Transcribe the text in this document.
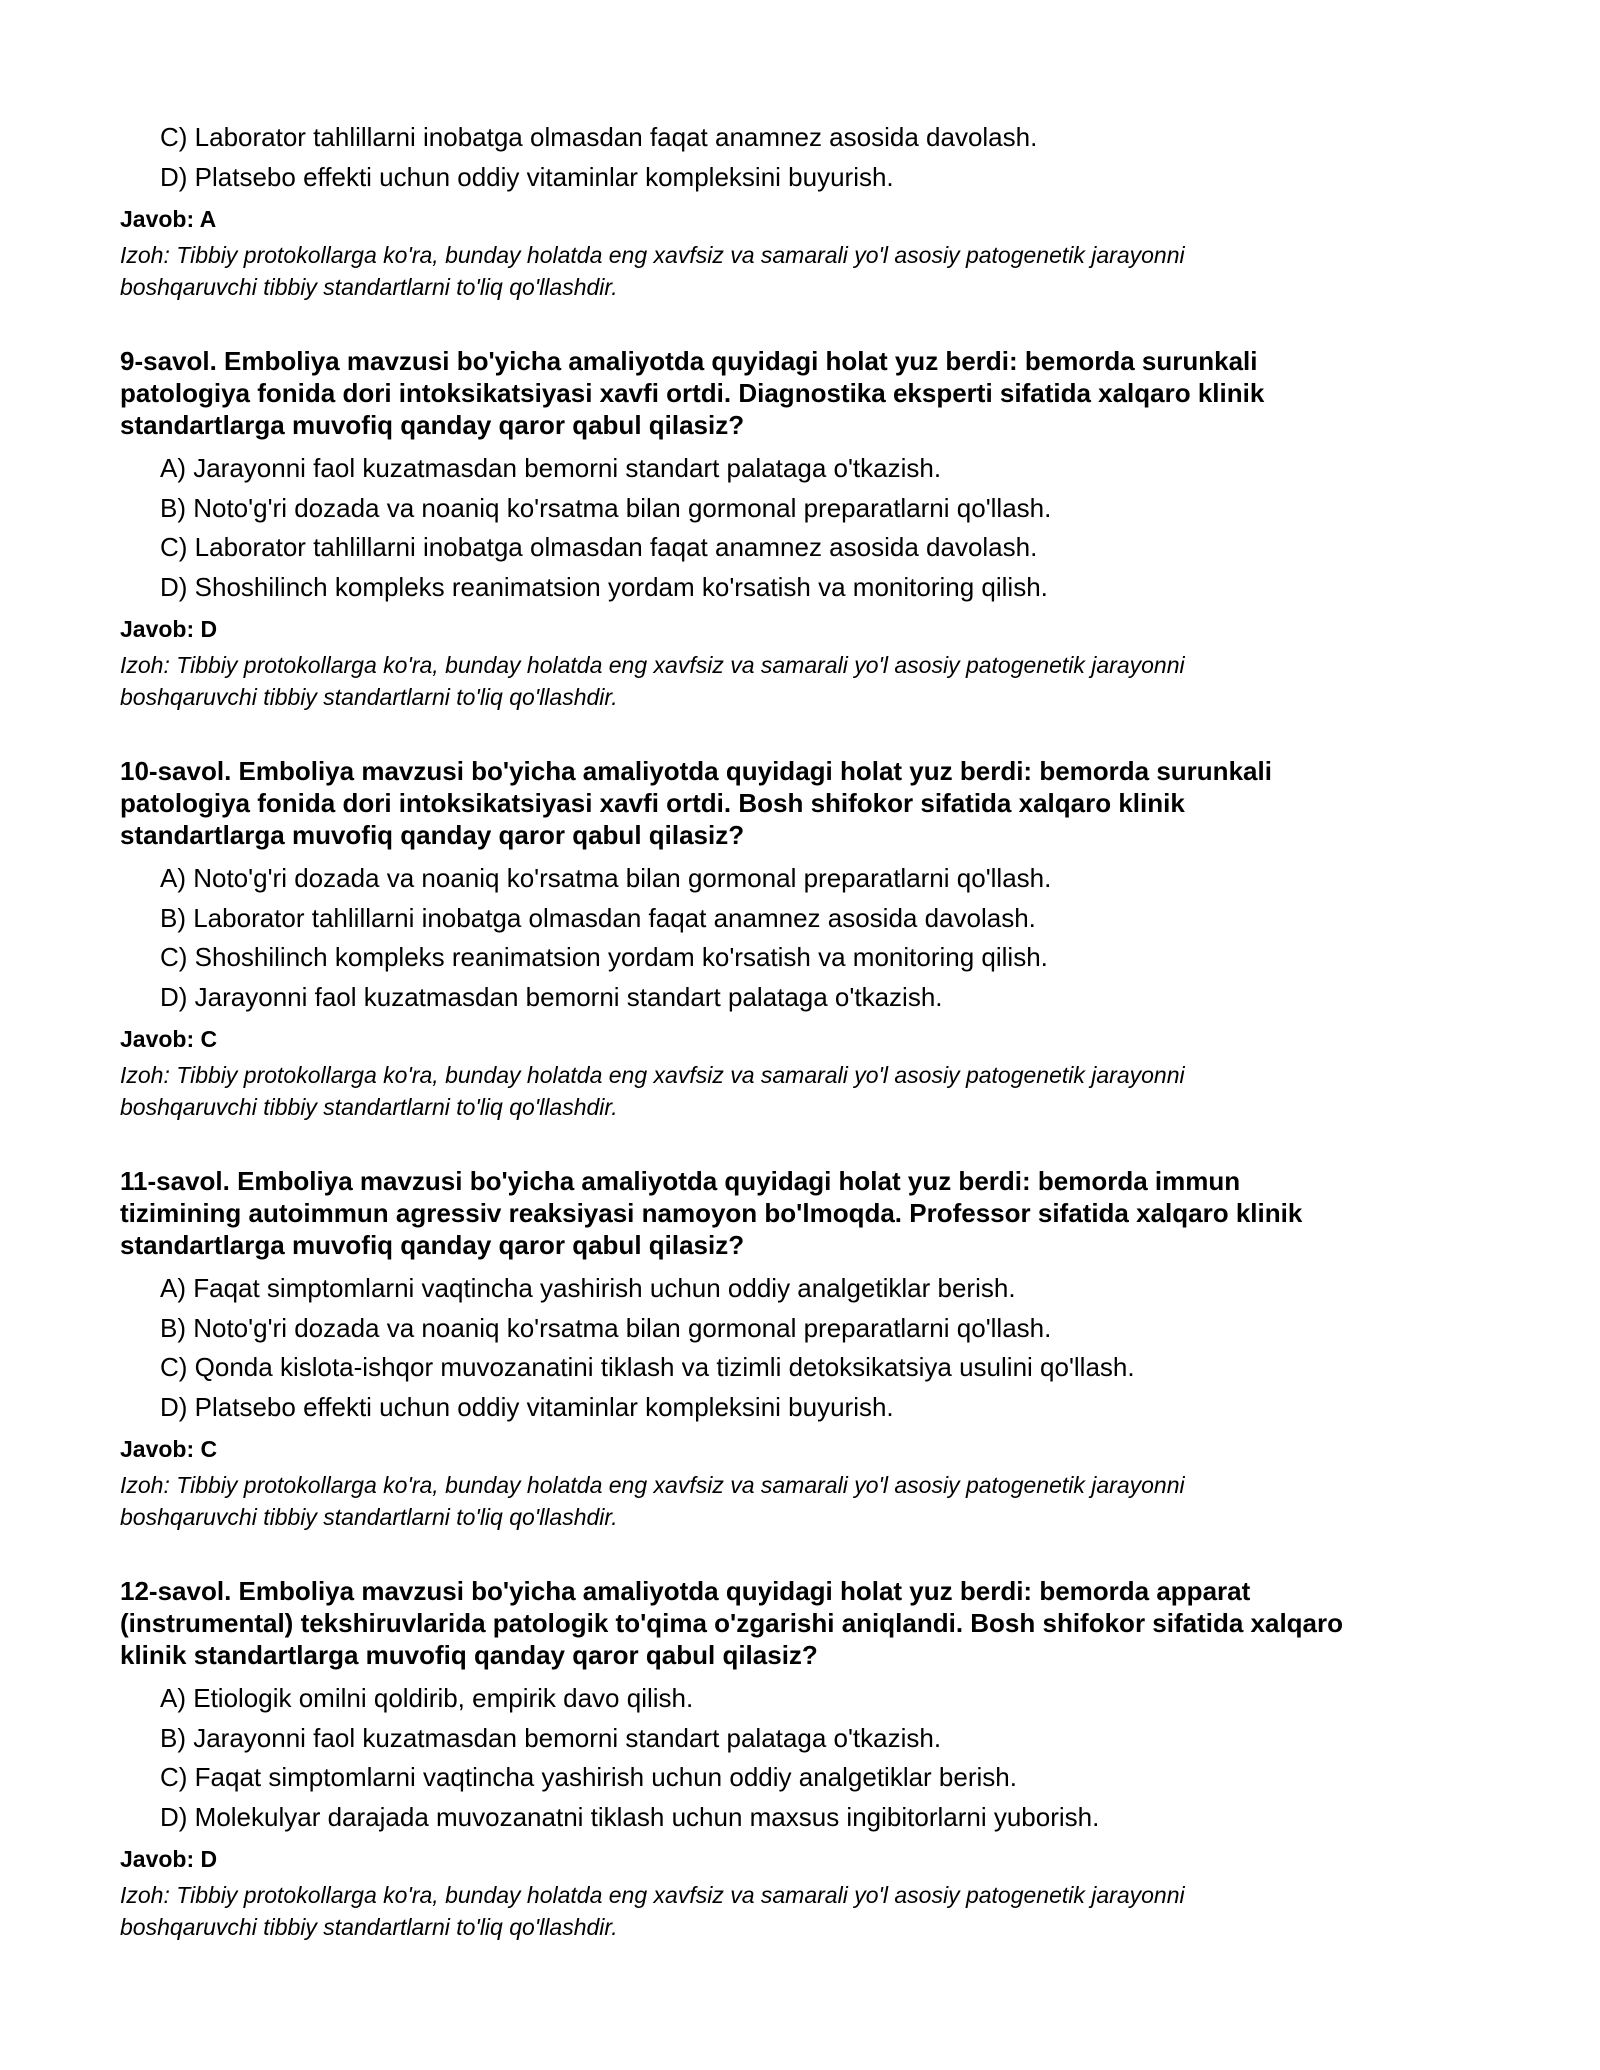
C) Laborator tahlillarni inobatga olmasdan faqat anamnez asosida davolash.
D) Platsebo effekti uchun oddiy vitaminlar kompleksini buyurish.
Javob: A
Izoh: Tibbiy protokollarga ko'ra, bunday holatda eng xavfsiz va samarali yo'l asosiy patogenetik jarayonni
boshqaruvchi tibbiy standartlarni to'liq qo'llashdir.
9-savol. Emboliya mavzusi bo'yicha amaliyotda quyidagi holat yuz berdi: bemorda surunkali
patologiya fonida dori intoksikatsiyasi xavfi ortdi. Diagnostika eksperti sifatida xalqaro klinik
standartlarga muvofiq qanday qaror qabul qilasiz?
A) Jarayonni faol kuzatmasdan bemorni standart palataga o'tkazish.
B) Noto'g'ri dozada va noaniq ko'rsatma bilan gormonal preparatlarni qo'llash.
C) Laborator tahlillarni inobatga olmasdan faqat anamnez asosida davolash.
D) Shoshilinch kompleks reanimatsion yordam ko'rsatish va monitoring qilish.
Javob: D
Izoh: Tibbiy protokollarga ko'ra, bunday holatda eng xavfsiz va samarali yo'l asosiy patogenetik jarayonni
boshqaruvchi tibbiy standartlarni to'liq qo'llashdir.
10-savol. Emboliya mavzusi bo'yicha amaliyotda quyidagi holat yuz berdi: bemorda surunkali
patologiya fonida dori intoksikatsiyasi xavfi ortdi. Bosh shifokor sifatida xalqaro klinik
standartlarga muvofiq qanday qaror qabul qilasiz?
A) Noto'g'ri dozada va noaniq ko'rsatma bilan gormonal preparatlarni qo'llash.
B) Laborator tahlillarni inobatga olmasdan faqat anamnez asosida davolash.
C) Shoshilinch kompleks reanimatsion yordam ko'rsatish va monitoring qilish.
D) Jarayonni faol kuzatmasdan bemorni standart palataga o'tkazish.
Javob: C
Izoh: Tibbiy protokollarga ko'ra, bunday holatda eng xavfsiz va samarali yo'l asosiy patogenetik jarayonni
boshqaruvchi tibbiy standartlarni to'liq qo'llashdir.
11-savol. Emboliya mavzusi bo'yicha amaliyotda quyidagi holat yuz berdi: bemorda immun
tizimining autoimmun agressiv reaksiyasi namoyon bo'lmoqda. Professor sifatida xalqaro klinik
standartlarga muvofiq qanday qaror qabul qilasiz?
A) Faqat simptomlarni vaqtincha yashirish uchun oddiy analgetiklar berish.
B) Noto'g'ri dozada va noaniq ko'rsatma bilan gormonal preparatlarni qo'llash.
C) Qonda kislota-ishqor muvozanatini tiklash va tizimli detoksikatsiya usulini qo'llash.
D) Platsebo effekti uchun oddiy vitaminlar kompleksini buyurish.
Javob: C
Izoh: Tibbiy protokollarga ko'ra, bunday holatda eng xavfsiz va samarali yo'l asosiy patogenetik jarayonni
boshqaruvchi tibbiy standartlarni to'liq qo'llashdir.
12-savol. Emboliya mavzusi bo'yicha amaliyotda quyidagi holat yuz berdi: bemorda apparat
(instrumental) tekshiruvlarida patologik to'qima o'zgarishi aniqlandi. Bosh shifokor sifatida xalqaro
klinik standartlarga muvofiq qanday qaror qabul qilasiz?
A) Etiologik omilni qoldirib, empirik davo qilish.
B) Jarayonni faol kuzatmasdan bemorni standart palataga o'tkazish.
C) Faqat simptomlarni vaqtincha yashirish uchun oddiy analgetiklar berish.
D) Molekulyar darajada muvozanatni tiklash uchun maxsus ingibitorlarni yuborish.
Javob: D
Izoh: Tibbiy protokollarga ko'ra, bunday holatda eng xavfsiz va samarali yo'l asosiy patogenetik jarayonni
boshqaruvchi tibbiy standartlarni to'liq qo'llashdir.
